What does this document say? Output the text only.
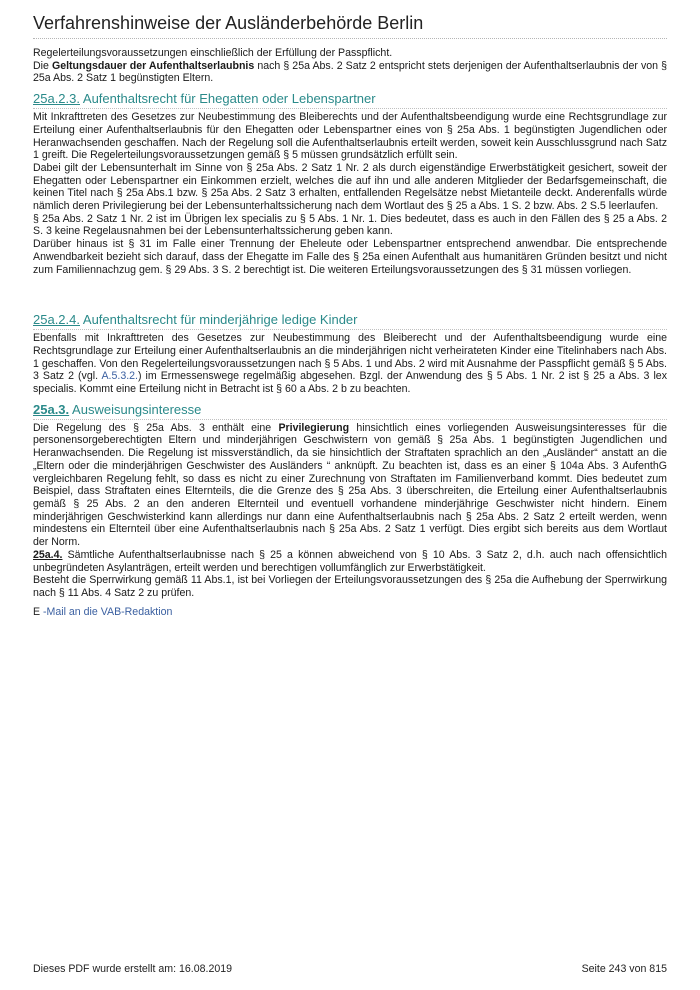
Verfahrenshinweise der Ausländerbehörde Berlin

Regelerteilungsvoraussetzungen einschließlich der Erfüllung der Passpflicht.

Die Geltungsdauer der Aufenthaltserlaubnis nach § 25a Abs. 2 Satz 2 entspricht stets derjenigen der Aufenthaltserlaubnis der von § 25a Abs. 2 Satz 1 begünstigten Eltern.

25a.2.3. Aufenthaltsrecht für Ehegatten oder Lebenspartner

Mit Inkrafttreten des Gesetzes zur Neubestimmung des Bleiberechts und der Aufenthaltsbeendigung wurde eine Rechtsgrundlage zur Erteilung einer Aufenthaltserlaubnis für den Ehegatten oder Lebenspartner eines von § 25a Abs. 1 begünstigten Jugendlichen oder Heranwachsenden geschaffen. Nach der Regelung soll die Aufenthaltserlaubnis erteilt werden, soweit kein Ausschlussgrund nach Satz 1 greift. Die Regelerteilungsvoraussetzungen gemäß § 5 müssen grundsätzlich erfüllt sein.

Dabei gilt der Lebensunterhalt im Sinne von § 25a Abs. 2 Satz 1 Nr. 2 als durch eigenständige Erwerbstätigkeit gesichert, soweit der Ehegatten oder Lebenspartner ein Einkommen erzielt, welches die auf ihn und alle anderen Mitglieder der Bedarfsgemeinschaft, die keinen Titel nach § 25a Abs.1 bzw. § 25a Abs. 2 Satz 3 erhalten, entfallenden Regelsätze nebst Mietanteile deckt. Anderenfalls würde nämlich deren Privilegierung bei der Lebensunterhaltssicherung nach dem Wortlaut des § 25 a Abs. 1 S. 2 bzw. Abs. 2 S.5 leerlaufen.

§ 25a Abs. 2 Satz 1 Nr. 2 ist im Übrigen lex specialis zu § 5 Abs. 1 Nr. 1. Dies bedeutet, dass es auch in den Fällen des § 25 a Abs. 2 S. 3 keine Regelausnahmen bei der Lebensunterhaltssicherung geben kann.

Darüber hinaus ist § 31 im Falle einer Trennung der Eheleute oder Lebenspartner entsprechend anwendbar. Die entsprechende Anwendbarkeit bezieht sich darauf, dass der Ehegatte im Falle des § 25a einen Aufenthalt aus humanitären Gründen besitzt und nicht zum Familiennachzug gem. § 29 Abs. 3 S. 2 berechtigt ist. Die weiteren Erteilungsvoraussetzungen des § 31 müssen vorliegen.

25a.2.4. Aufenthaltsrecht für minderjährige ledige Kinder

Ebenfalls mit Inkrafttreten des Gesetzes zur Neubestimmung des Bleiberecht und der Aufenthaltsbeendigung wurde eine Rechtsgrundlage zur Erteilung einer Aufenthaltserlaubnis an die minderjährigen nicht verheirateten Kinder eine Titelinhabers nach Abs. 1 geschaffen. Von den Regelerteilungsvoraussetzungen nach § 5 Abs. 1 und Abs. 2 wird mit Ausnahme der Passpflicht gemäß § 5 Abs. 3 Satz 2 (vgl. A.5.3.2.) im Ermessenswege regelmäßig abgesehen. Bzgl. der Anwendung des § 5 Abs. 1 Nr. 2 ist § 25 a Abs. 3 lex specialis. Kommt eine Erteilung nicht in Betracht ist § 60 a Abs. 2 b zu beachten.

25a.3. Ausweisungsinteresse

Die Regelung des § 25a Abs. 3 enthält eine Privilegierung hinsichtlich eines vorliegenden Ausweisungsinteresses für die personensorgeberechtigten Eltern und minderjährigen Geschwistern von gemäß § 25a Abs. 1 begünstigten Jugendlichen und Heranwachsenden. Die Regelung ist missverständlich, da sie hinsichtlich der Straftaten sprachlich an den „Ausländer“ anstatt an die „Eltern oder die minderjährigen Geschwister des Ausländers “ anknüpft. Zu beachten ist, dass es an einer § 104a Abs. 3 AufenthG vergleichbaren Regelung fehlt, so dass es nicht zu einer Zurechnung von Straftaten im Familienverband kommt. Dies bedeutet zum Beispiel, dass Straftaten eines Elternteils, die die Grenze des § 25a Abs. 3 überschreiten, die Erteilung einer Aufenthaltserlaubnis gemäß § 25 Abs. 2 an den anderen Elternteil und eventuell vorhandene minderjährige Geschwister nicht hindern. Einem minderjährigen Geschwisterkind kann allerdings nur dann eine Aufenthaltserlaubnis nach § 25a Abs. 2 Satz 2 erteilt werden, wenn mindestens ein Elternteil über eine Aufenthaltserlaubnis nach § 25a Abs. 2 Satz 1 verfügt. Dies ergibt sich bereits aus dem Wortlaut der Norm.

25a.4. Sämtliche Aufenthaltserlaubnisse nach § 25 a können abweichend von § 10 Abs. 3 Satz 2, d.h. auch nach offensichtlich unbegründeten Asylanträgen, erteilt werden und berechtigen vollumfänglich zur Erwerbstätigkeit.

Besteht die Sperrwirkung gemäß 11 Abs.1, ist bei Vorliegen der Erteilungsvoraussetzungen des § 25a die Aufhebung der Sperrwirkung nach § 11 Abs. 4 Satz 2 zu prüfen.

E -Mail an die VAB-Redaktion
Dieses PDF wurde erstellt am: 16.08.2019	Seite 243 von 815
